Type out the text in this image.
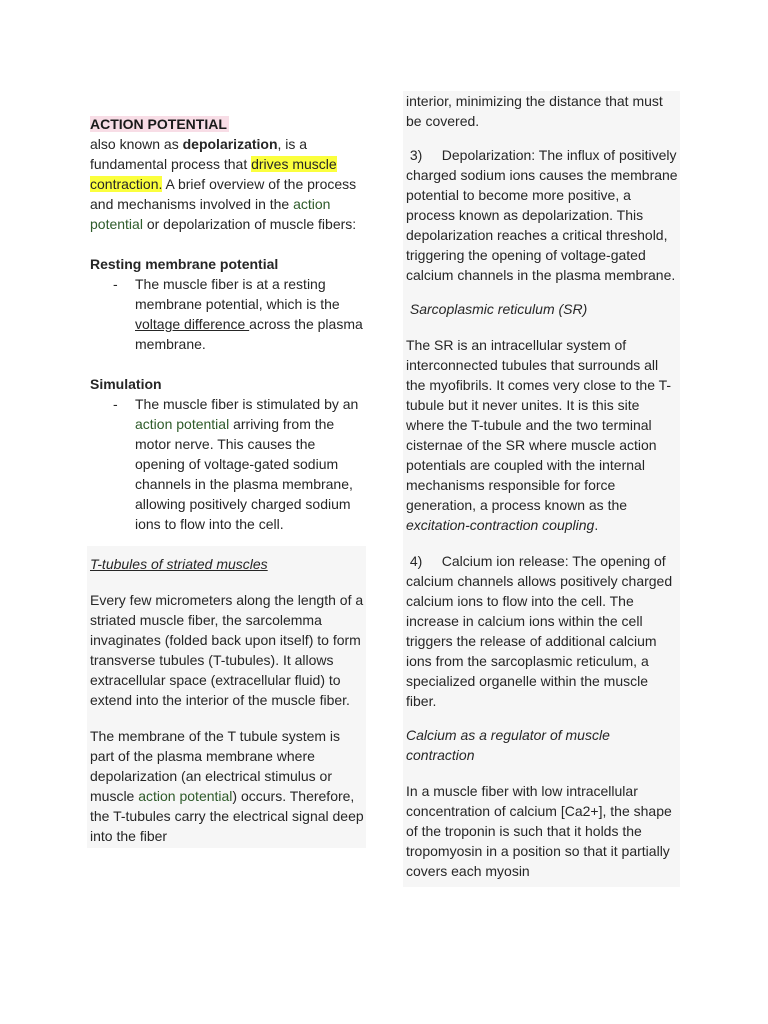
ACTION POTENTIAL

also known as depolarization, is a fundamental process that drives muscle contraction. A brief overview of the process and mechanisms involved in the action potential or depolarization of muscle fibers:

Resting membrane potential

- The muscle fiber is at a resting membrane potential, which is the voltage difference across the plasma membrane.

Simulation

- The muscle fiber is stimulated by an action potential arriving from the motor nerve. This causes the opening of voltage-gated sodium channels in the plasma membrane, allowing positively charged sodium ions to flow into the cell.

T-tubules of striated muscles

Every few micrometers along the length of a striated muscle fiber, the sarcolemma invaginates (folded back upon itself) to form transverse tubules (T-tubules). It allows extracellular space (extracellular fluid) to extend into the interior of the muscle fiber.

The membrane of the T tubule system is part of the plasma membrane where depolarization (an electrical stimulus or muscle action potential) occurs. Therefore, the T-tubules carry the electrical signal deep into the fiber

interior, minimizing the distance that must be covered.

3)     Depolarization: The influx of positively charged sodium ions causes the membrane potential to become more positive, a process known as depolarization. This depolarization reaches a critical threshold, triggering the opening of voltage-gated calcium channels in the plasma membrane.

Sarcoplasmic reticulum (SR)

The SR is an intracellular system of interconnected tubules that surrounds all the myofibrils. It comes very close to the T-tubule but it never unites. It is this site where the T-tubule and the two terminal cisternae of the SR where muscle action potentials are coupled with the internal mechanisms responsible for force generation, a process known as the excitation-contraction coupling.

4)     Calcium ion release: The opening of calcium channels allows positively charged calcium ions to flow into the cell. The increase in calcium ions within the cell triggers the release of additional calcium ions from the sarcoplasmic reticulum, a specialized organelle within the muscle fiber.

Calcium as a regulator of muscle contraction

In a muscle fiber with low intracellular concentration of calcium [Ca2+], the shape of the troponin is such that it holds the tropomyosin in a position so that it partially covers each myosin
